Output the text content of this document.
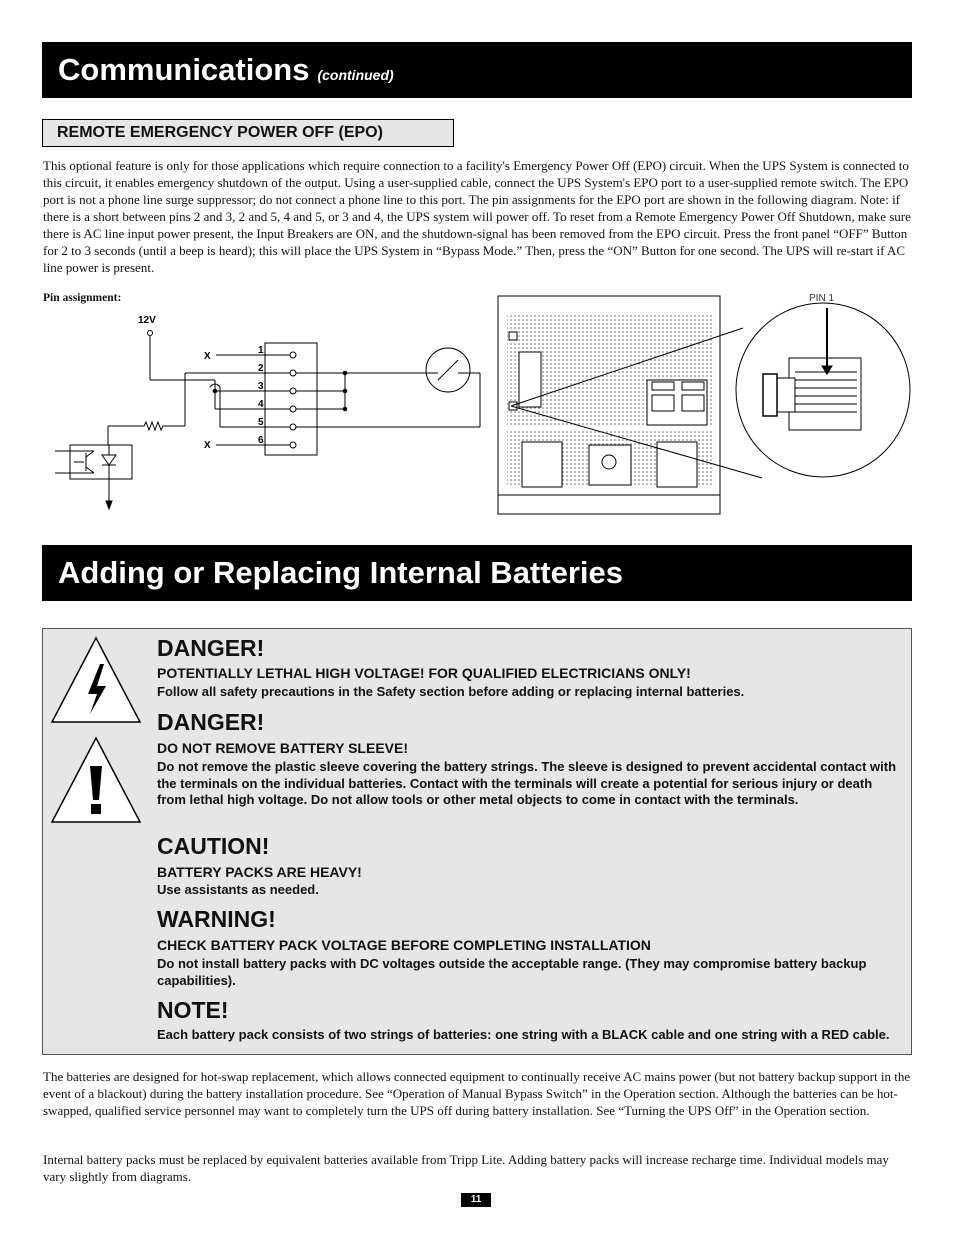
Communications (continued)
REMOTE EMERGENCY POWER OFF (EPO)
This optional feature is only for those applications which require connection to a facility's Emergency Power Off (EPO) circuit. When the UPS System is connected to this circuit, it enables emergency shutdown of the output. Using a user-supplied cable, connect the UPS System's EPO port to a user-supplied remote switch. The EPO port is not a phone line surge suppressor; do not connect a phone line to this port. The pin assignments for the EPO port are shown in the following diagram. Note: if there is a short between pins 2 and 3, 2 and 5, 4 and 5, or 3 and 4, the UPS system will power off. To reset from a Remote Emergency Power Off Shutdown, make sure there is AC line input power present, the Input Breakers are ON, and the shutdown-signal has been removed from the EPO circuit. Press the front panel “OFF” Button for 2 to 3 seconds (until a beep is heard); this will place the UPS System in “Bypass Mode.” Then, press the “ON” Button for one second. The UPS will re-start if AC line power is present.
Pin assignment:
12V
X
X
1
2
3
4
5
6
PIN 1
Adding or Replacing Internal Batteries
DANGER!
POTENTIALLY LETHAL HIGH VOLTAGE! FOR QUALIFIED ELECTRICIANS ONLY!
Follow all safety precautions in the Safety section before adding or replacing internal batteries.
DANGER!
DO NOT REMOVE BATTERY SLEEVE!
Do not remove the plastic sleeve covering the battery strings. The sleeve is designed to prevent accidental contact with the terminals on the individual batteries. Contact with the terminals will create a potential for serious injury or death from lethal high voltage. Do not allow tools or other metal objects to come in contact with the terminals.
CAUTION!
BATTERY PACKS ARE HEAVY!
Use assistants as needed.
WARNING!
CHECK BATTERY PACK VOLTAGE BEFORE COMPLETING INSTALLATION
Do not install battery packs with DC voltages outside the acceptable range. (They may compromise battery backup capabilities).
NOTE!
Each battery pack consists of two strings of batteries: one string with a BLACK cable and one string with a RED cable.
The batteries are designed for hot-swap replacement, which allows connected equipment to continually receive AC mains power (but not battery backup support in the event of a blackout) during the battery installation procedure. See “Operation of Manual Bypass Switch” in the Operation section. Although the batteries can be hot-swapped, qualified service personnel may want to completely turn the UPS off during battery installation. See “Turning the UPS Off” in the Operation section.
Internal battery packs must be replaced by equivalent batteries available from Tripp Lite. Adding battery packs will increase recharge time. Individual models may vary slightly from diagrams.
11
